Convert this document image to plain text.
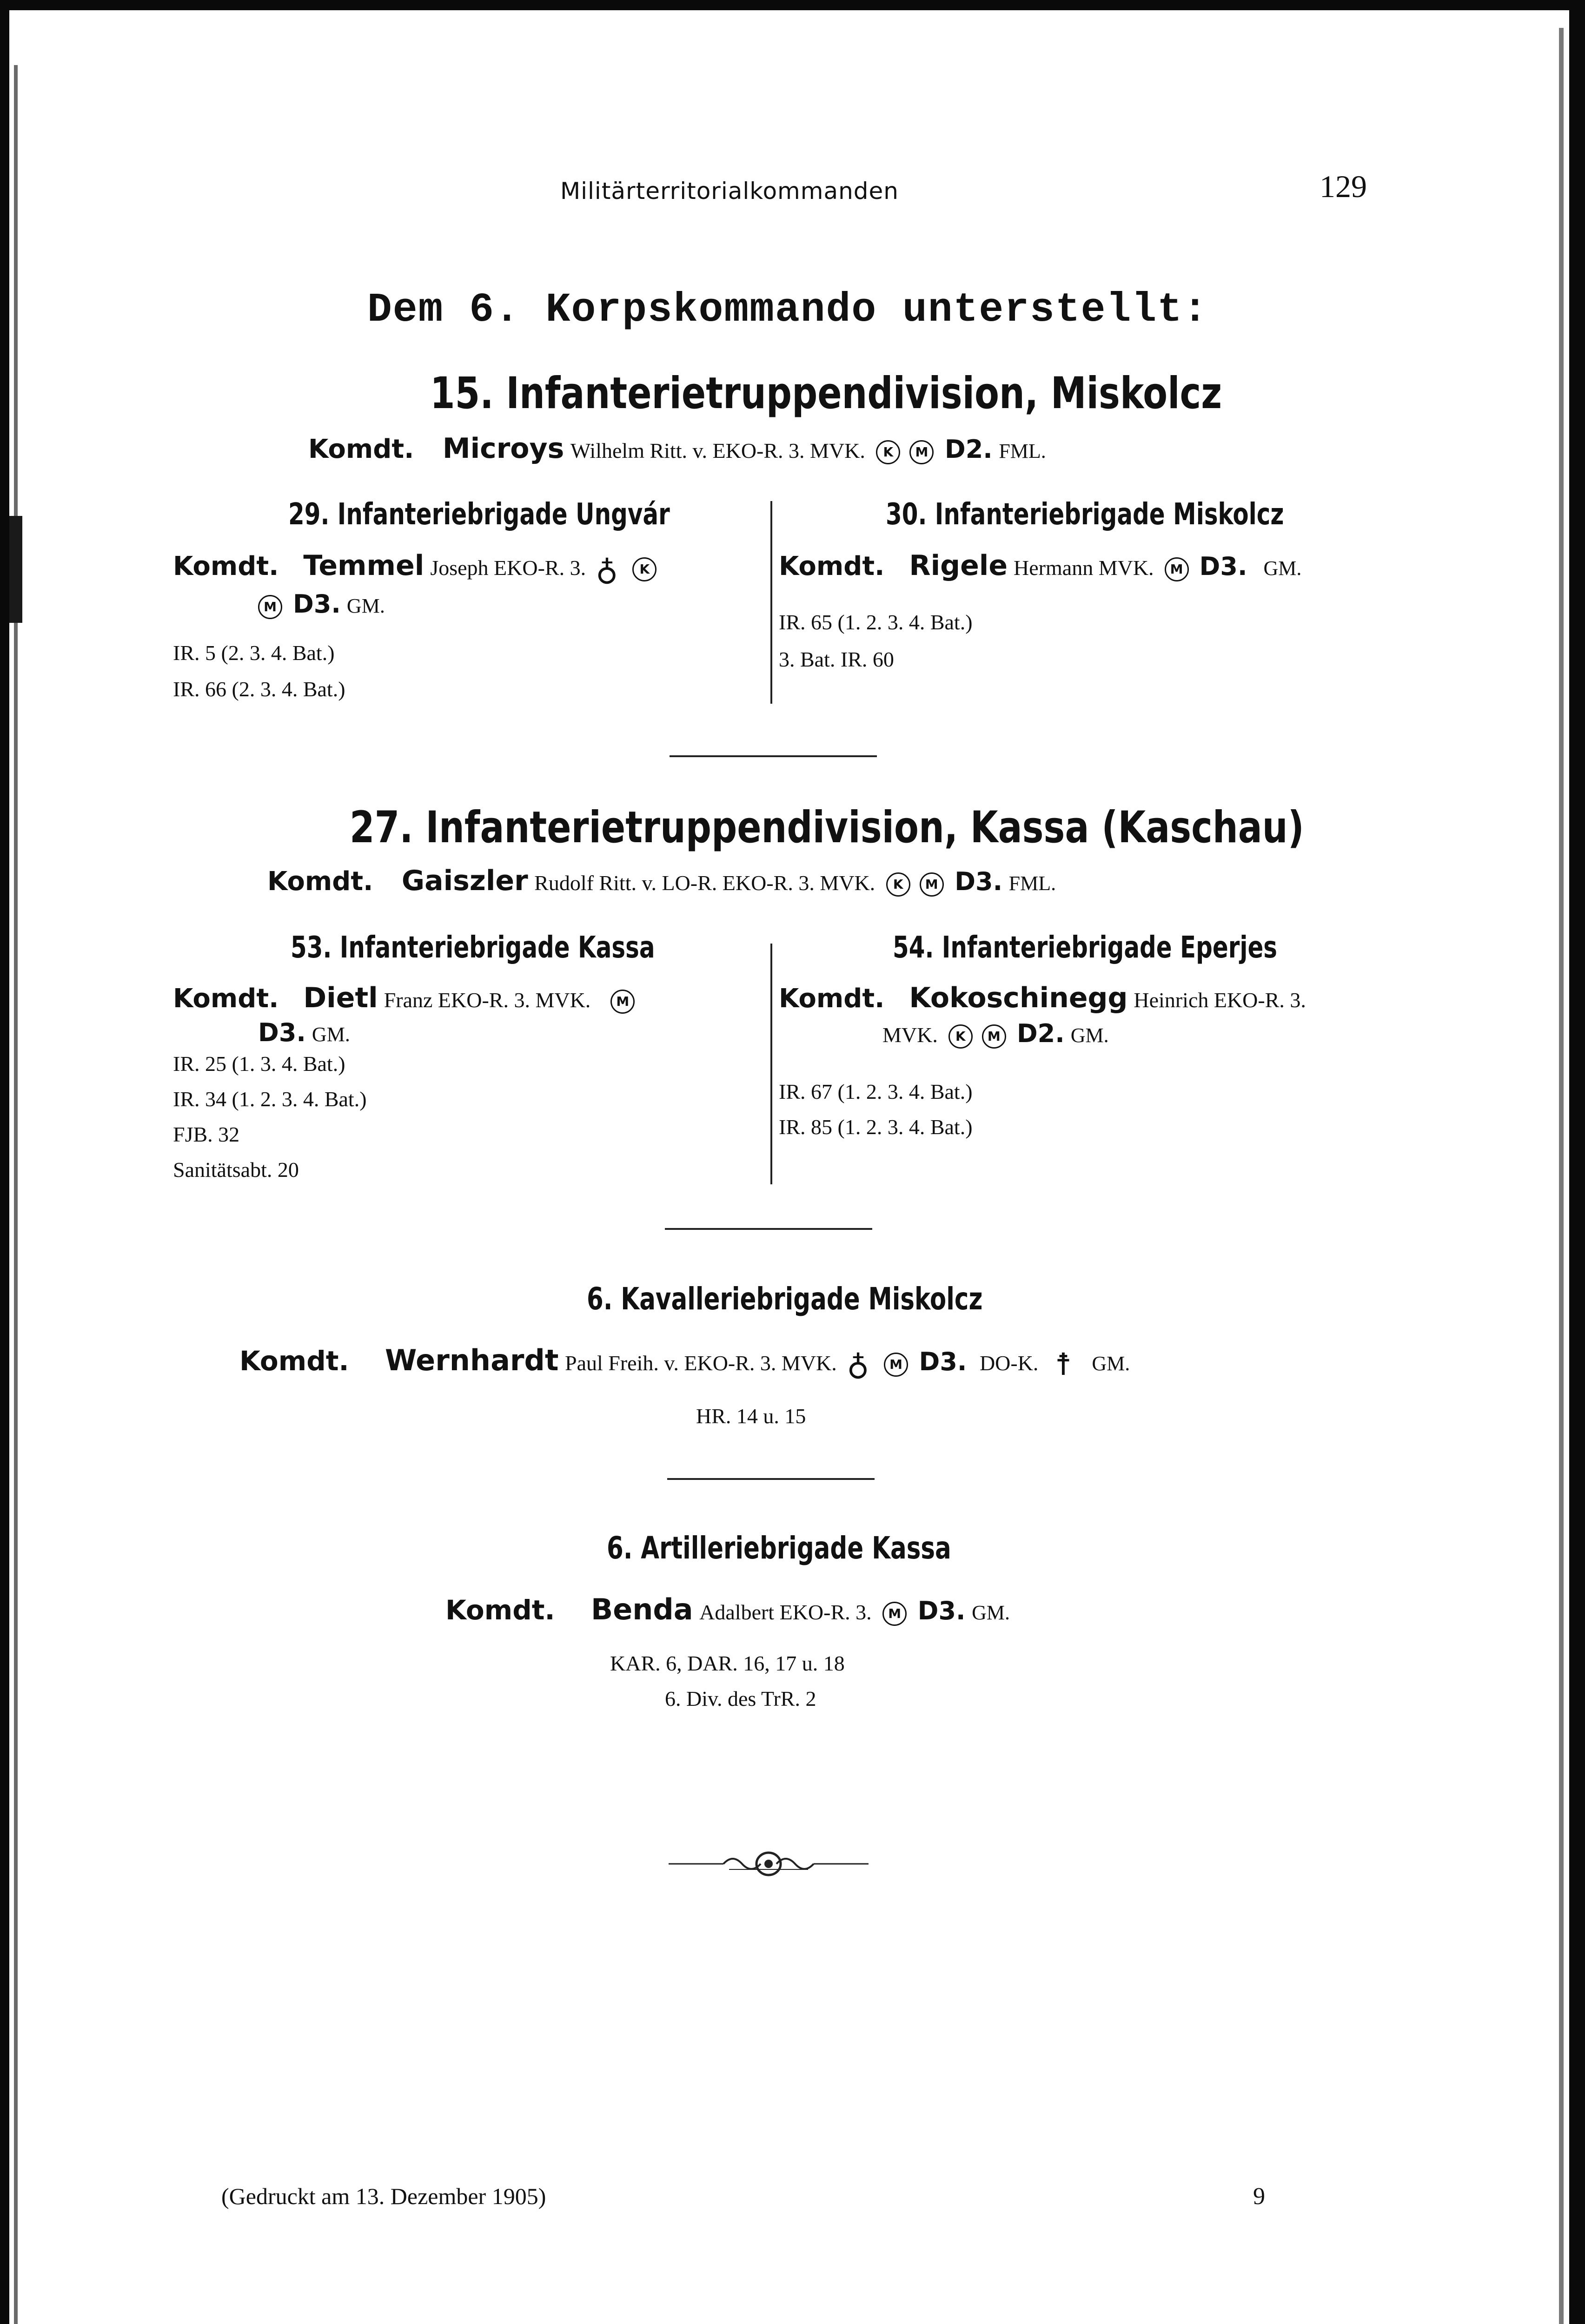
Militärterritorialkommanden	129
Dem 6. Korpskommando unterstellt:
15. Infanterietruppendivision, Miskolcz
Komdt. Microys Wilhelm Ritt. v. EKO-R. 3. MVK. K M D2. FML.
29. Infanteriebrigade Ungvár
Komdt. Temmel Joseph EKO-R. 3. ♁ K
M D3. GM.
IR. 5 (2. 3. 4. Bat.)
IR. 66 (2. 3. 4. Bat.)
30. Infanteriebrigade Miskolcz
Komdt. Rigele Hermann MVK. M D3. GM.
IR. 65 (1. 2. 3. 4. Bat.)
3. Bat. IR. 60
27. Infanterietruppendivision, Kassa (Kaschau)
Komdt. Gaiszler Rudolf Ritt. v. LO-R. EKO-R. 3. MVK. K M D3. FML.
53. Infanteriebrigade Kassa
Komdt. Dietl Franz EKO-R. 3. MVK. M
D3. GM.
IR. 25 (1. 3. 4. Bat.)
IR. 34 (1. 2. 3. 4. Bat.)
FJB. 32
Sanitätsabt. 20
54. Infanteriebrigade Eperjes
Komdt. Kokoschinegg Heinrich EKO-R. 3.
MVK. K M D2. GM.
IR. 67 (1. 2. 3. 4. Bat.)
IR. 85 (1. 2. 3. 4. Bat.)
6. Kavalleriebrigade Miskolcz
Komdt. Wernhardt Paul Freih. v. EKO-R. 3. MVK. ♁ M D3. DO-K. ☨ GM.
HR. 14 u. 15
6. Artilleriebrigade Kassa
Komdt. Benda Adalbert EKO-R. 3. M D3. GM.
KAR. 6, DAR. 16, 17 u. 18
6. Div. des TrR. 2
(Gedruckt am 13. Dezember 1905)	9
